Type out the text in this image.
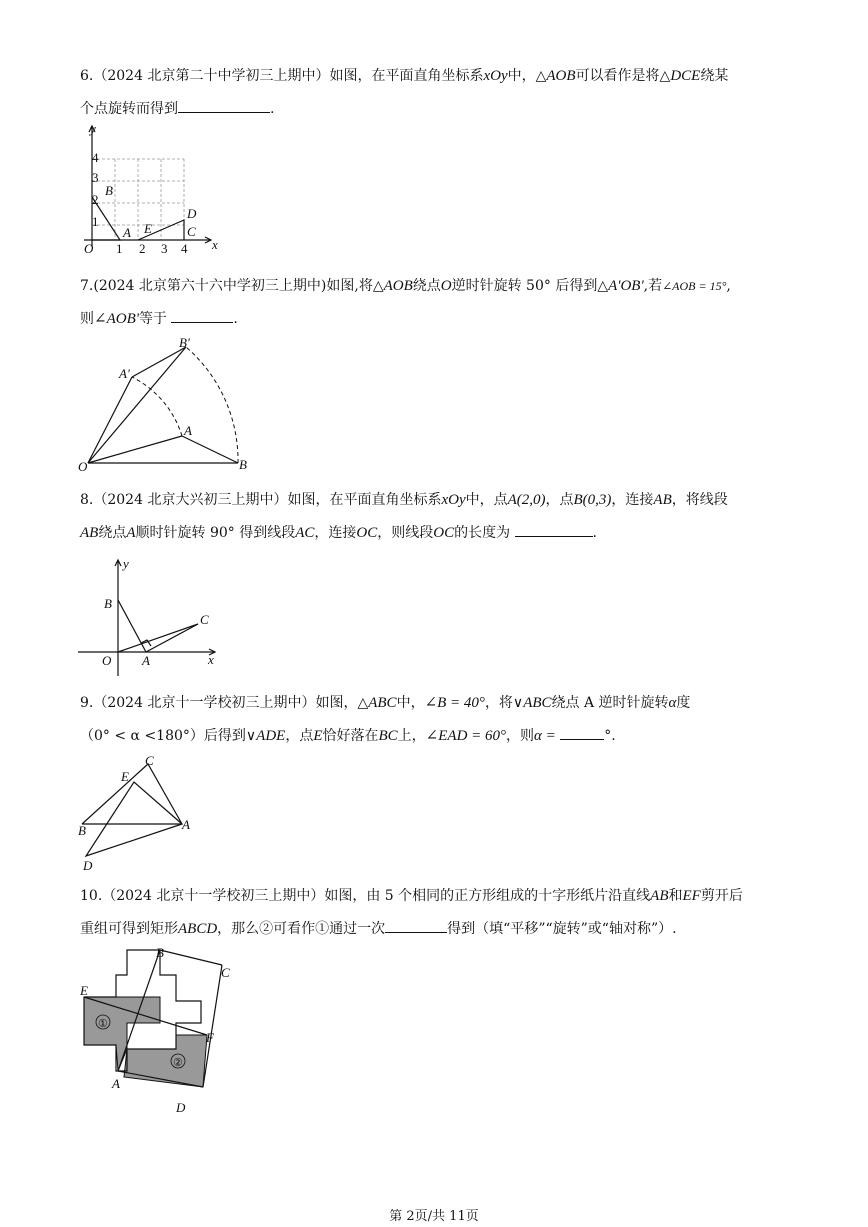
6.（2024 北京第二十中学初三上期中）如图，在平面直角坐标系xOy中，△AOB可以看作是将△DCE绕某

个点旋转而得到	.

y
x
O 1 2 3 4
1
2
3
4
B
A E
D
C

7.(2024 北京第六十六中学初三上期中)如图,将△AOB绕点O逆时针旋转 50° 后得到△A'OB',若∠AOB = 15°,

则∠AOB'等于	.

O
A
B
A'
B'

8.（2024 北京大兴初三上期中）如图，在平面直角坐标系xOy中，点A(2,0)，点B(0,3)，连接AB，将线段

AB绕点A顺时针旋转 90° 得到线段AC，连接OC，则线段OC的长度为	.

y
x
O A
B
C

9.（2024 北京十一学校初三上期中）如图，△ABC中，∠B = 40°，将∨ABC绕点 A 逆时针旋转α度

（0° < α <180°）后得到∨ADE，点E恰好落在BC上，∠EAD = 60°，则α =	°.

B	A
C
E
D

10.（2024 北京十一学校初三上期中）如图，由 5 个相同的正方形组成的十字形纸片沿直线AB和EF剪开后

重组可得到矩形ABCD，那么②可看作①通过一次	得到（填“平移”“旋转”或“轴对称”）.

①
②
E
B
C
F
A
D
第 2页/共 11页
